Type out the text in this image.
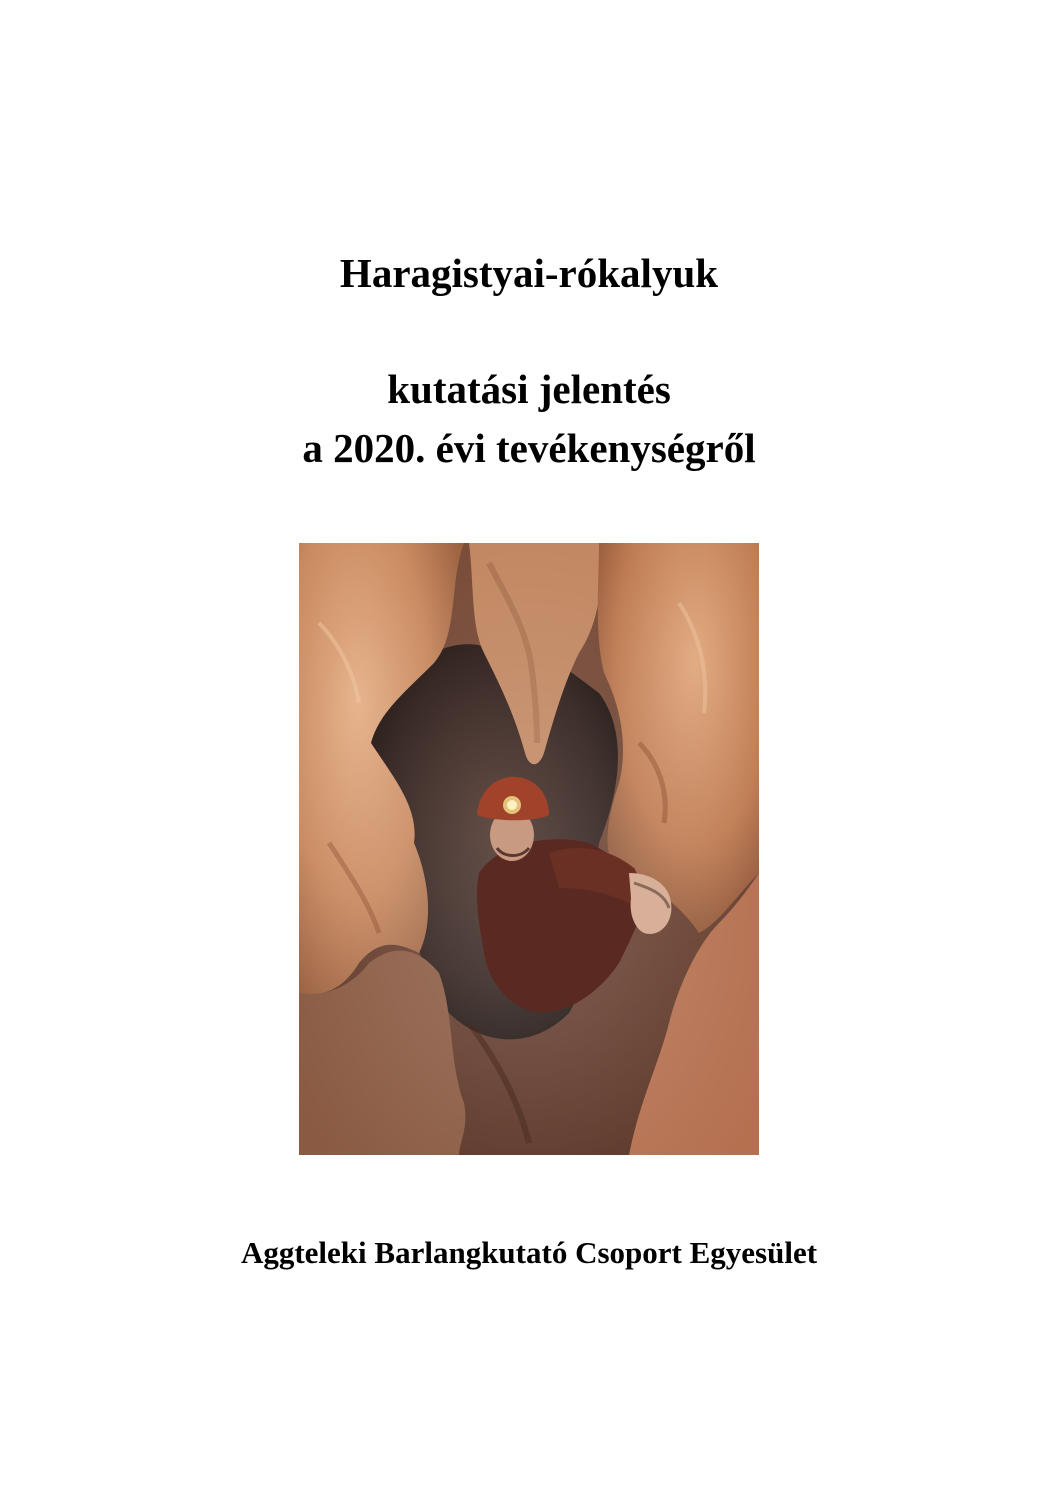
Haragistyai-rókalyuk
kutatási jelentés
a 2020. évi tevékenységről

Aggteleki Barlangkutató Csoport Egyesület
